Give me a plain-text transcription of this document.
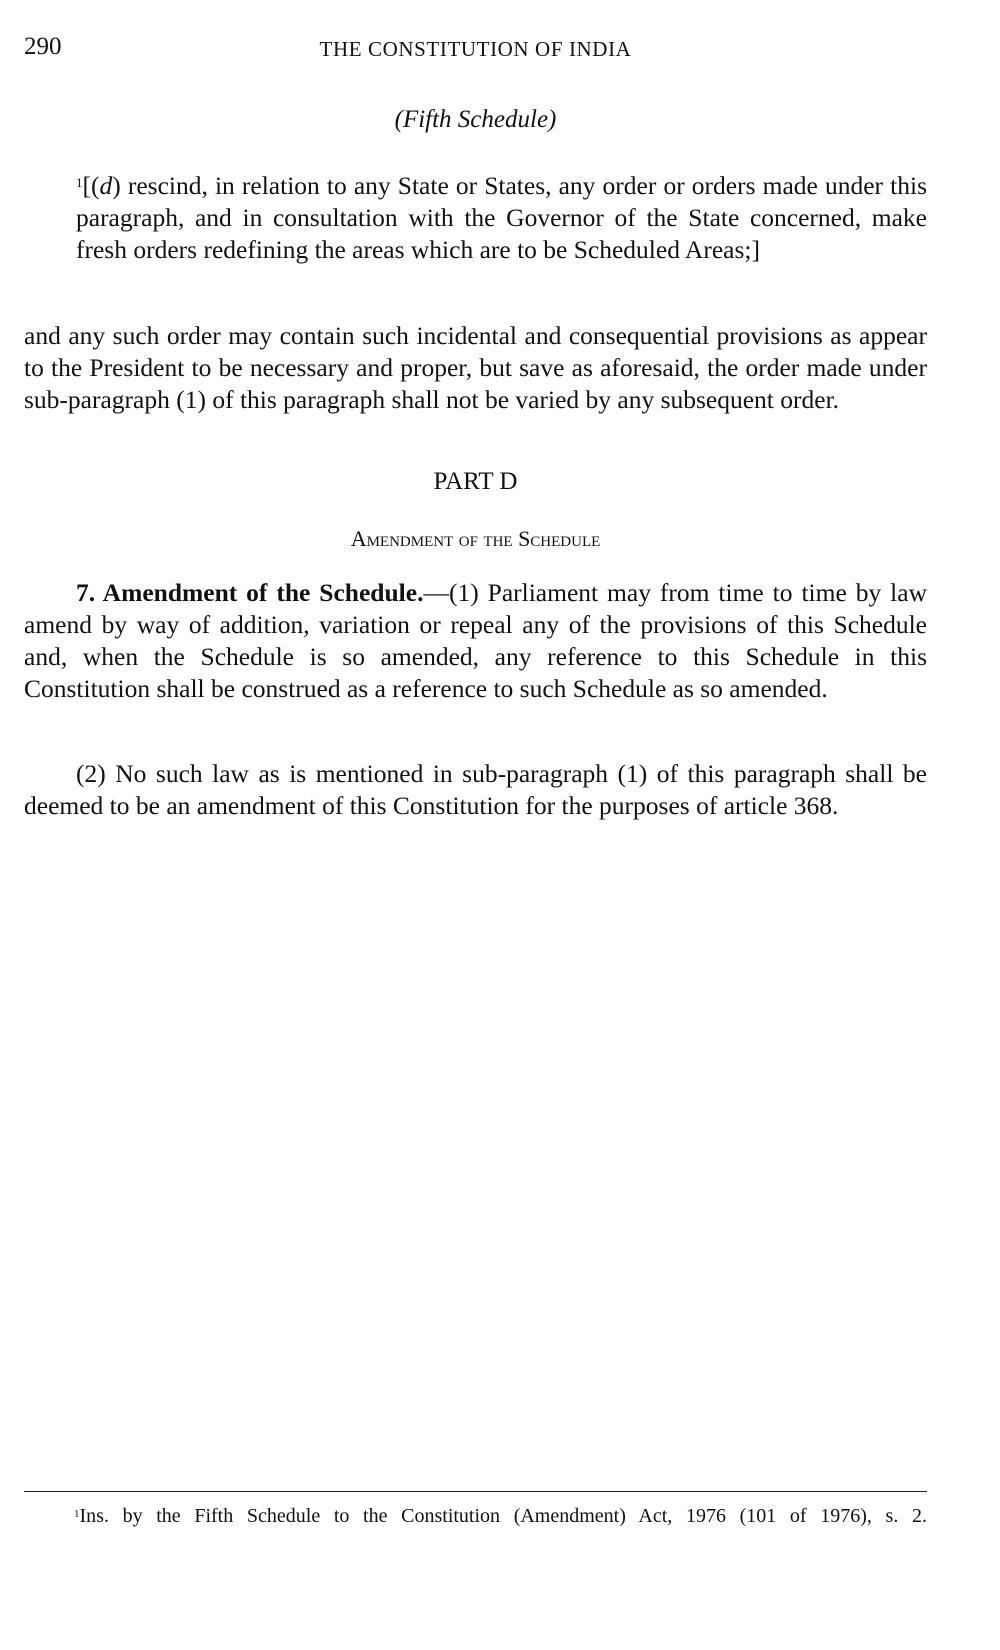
290	THE CONSTITUTION OF INDIA
(Fifth Schedule)

$^1$[(d) rescind, in relation to any State or States, any order or orders made under this paragraph, and in consultation with the Governor of the State concerned, make fresh orders redefining the areas which are to be Scheduled Areas;]

and any such order may contain such incidental and consequential provisions as appear to the President to be necessary and proper, but save as aforesaid, the order made under sub-paragraph (1) of this paragraph shall not be varied by any subsequent order.

PART D
Amendment of the Schedule

7. Amendment of the Schedule.—(1) Parliament may from time to time by law amend by way of addition, variation or repeal any of the provisions of this Schedule and, when the Schedule is so amended, any reference to this Schedule in this Constitution shall be construed as a reference to such Schedule as so amended.

(2) No such law as is mentioned in sub-paragraph (1) of this paragraph shall be deemed to be an amendment of this Constitution for the purposes of article 368.

$^1$Ins. by the Fifth Schedule to the Constitution (Amendment) Act, 1976 (101 of 1976), s. 2.
